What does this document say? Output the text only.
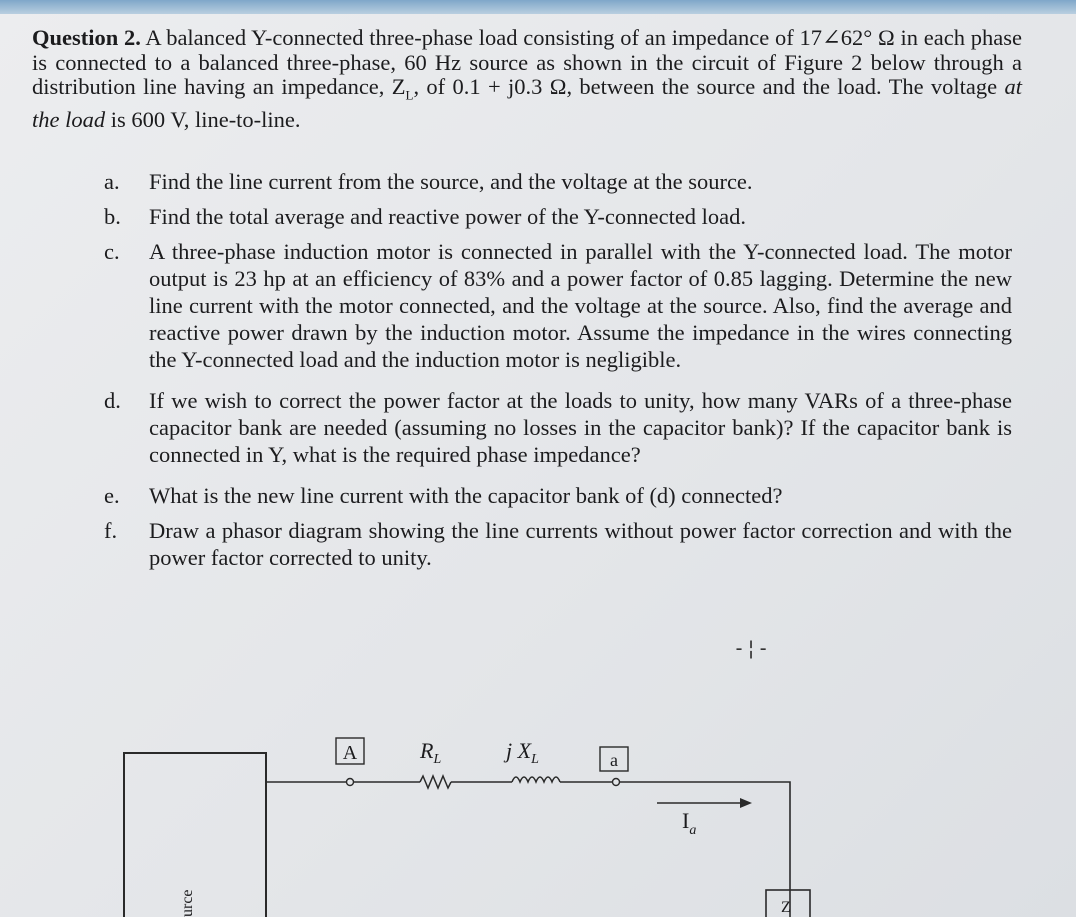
Question 2. A balanced Y-connected three-phase load consisting of an impedance of 17∠62° Ω in each phase is connected to a balanced three-phase, 60 Hz source as shown in the circuit of Figure 2 below through a distribution line having an impedance, $Z_L$, of 0.1 + j0.3 Ω, between the source and the load. The voltage at the load is 600 V, line-to-line.

a.	Find the line current from the source, and the voltage at the source.
b.	Find the total average and reactive power of the Y-connected load.
c.	A three-phase induction motor is connected in parallel with the Y-connected load. The motor output is 23 hp at an efficiency of 83% and a power factor of 0.85 lagging. Determine the new line current with the motor connected, and the voltage at the source. Also, find the average and reactive power drawn by the induction motor. Assume the impedance in the wires connecting the Y-connected load and the induction motor is negligible.
d.	If we wish to correct the power factor at the loads to unity, how many VARs of a three-phase capacitor bank are needed (assuming no losses in the capacitor bank)? If the capacitor bank is connected in Y, what is the required phase impedance?
e.	What is the new line current with the capacitor bank of (d) connected?
f.	Draw a phasor diagram showing the line currents without power factor correction and with the power factor corrected to unity.
-¦-
urce
A	$R_L$	j $X_L$	a
$I_a$
Z
